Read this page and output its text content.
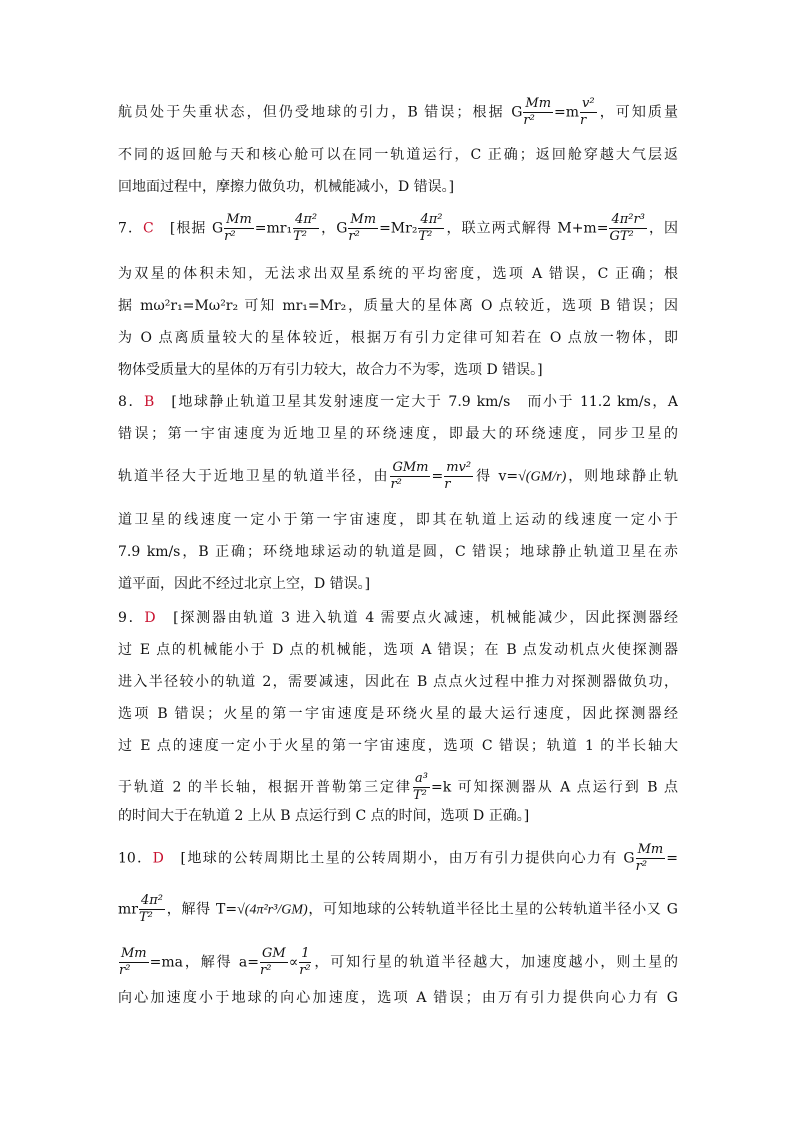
航员处于失重状态，但仍受地球的引力，B 错误；根据 G $\frac{Mm}{\text{r²}} =m \frac{\text{v²}}{r}$ ，可知质量
不同的返回舱与天和核心舱可以在同一轨道运行，C 正确；返回舱穿越大气层返
回地面过程中，摩擦力做负功，机械能减小，D 错误。]
7．C　 [根据 G $\frac{Mm}{\text{r²}} =mr_1 \frac{\text{4π²}}{\text{T²}}$ ，G $\frac{Mm}{\text{r²}} =Mr_2 \frac{\text{4π²}}{\text{T²}}$ ，联立两式解得 $M+m= \frac{\text{4π²r³}}{\text{GT²}}$ ，因
为双星的体积未知，无法求出双星系统的平均密度，选项 A 错误，C 正确；根
据 mω²r₁=Mω²r₂ 可知 mr₁=Mr₂，质量大的星体离 O 点较近，选项 B 错误；因
为 O 点离质量较大的星体较近，根据万有引力定律可知若在 O 点放一物体，即
物体受质量大的星体的万有引力较大，故合力不为零，选项 D 错误。]
8．B　 [地球静止轨道卫星其发射速度一定大于 7.9 km/s　而小于 11.2 km/s，A
错误；第一宇宙速度为近地卫星的环绕速度，即最大的环绕速度，同步卫星的
轨道半径大于近地卫星的轨道半径，由 $\frac{\text{GMm}}{\text{r²}} = \frac{\text{mv²}}{r}$ 得 v=√(GM/r)，则地球静止轨
道卫星的线速度一定小于第一宇宙速度，即其在轨道上运动的线速度一定小于
7.9 km/s，B 正确；环绕地球运动的轨道是圆，C 错误；地球静止轨道卫星在赤
道平面，因此不经过北京上空，D 错误。]
9．D　 [探测器由轨道 3 进入轨道 4 需要点火减速，机械能减少，因此探测器经
过 E 点的机械能小于 D 点的机械能，选项 A 错误；在 B 点发动机点火使探测器
进入半径较小的轨道 2，需要减速，因此在 B 点点火过程中推力对探测器做负功，
选项 B 错误；火星的第一宇宙速度是环绕火星的最大运行速度，因此探测器经
过 E 点的速度一定小于火星的第一宇宙速度，选项 C 错误；轨道 1 的半长轴大
于轨道 2 的半长轴，根据开普勒第三定律 $\frac{\text{a³}}{\text{T²}} =k$ 可知探测器从 A 点运行到 B 点
的时间大于在轨道 2 上从 B 点运行到 C 点的时间，选项 D 正确。]
10．D　 [地球的公转周期比土星的公转周期小，由万有引力提供向心力有 G $\frac{Mm}{\text{r²}}$ =
mr $\frac{\text{4π²}}{\text{T²}}$ ，解得 T=√(4π²r³/GM)，可知地球的公转轨道半径比土星的公转轨道半径小又 G
$\frac{Mm}{\text{r²}} =ma$，解得 $a= \frac{GM}{\text{r²}} \propto \frac{1}{\text{r²}}$ ，可知行星的轨道半径越大，加速度越小，则土星的
向心加速度小于地球的向心加速度，选项 A 错误；由万有引力提供向心力有 G
